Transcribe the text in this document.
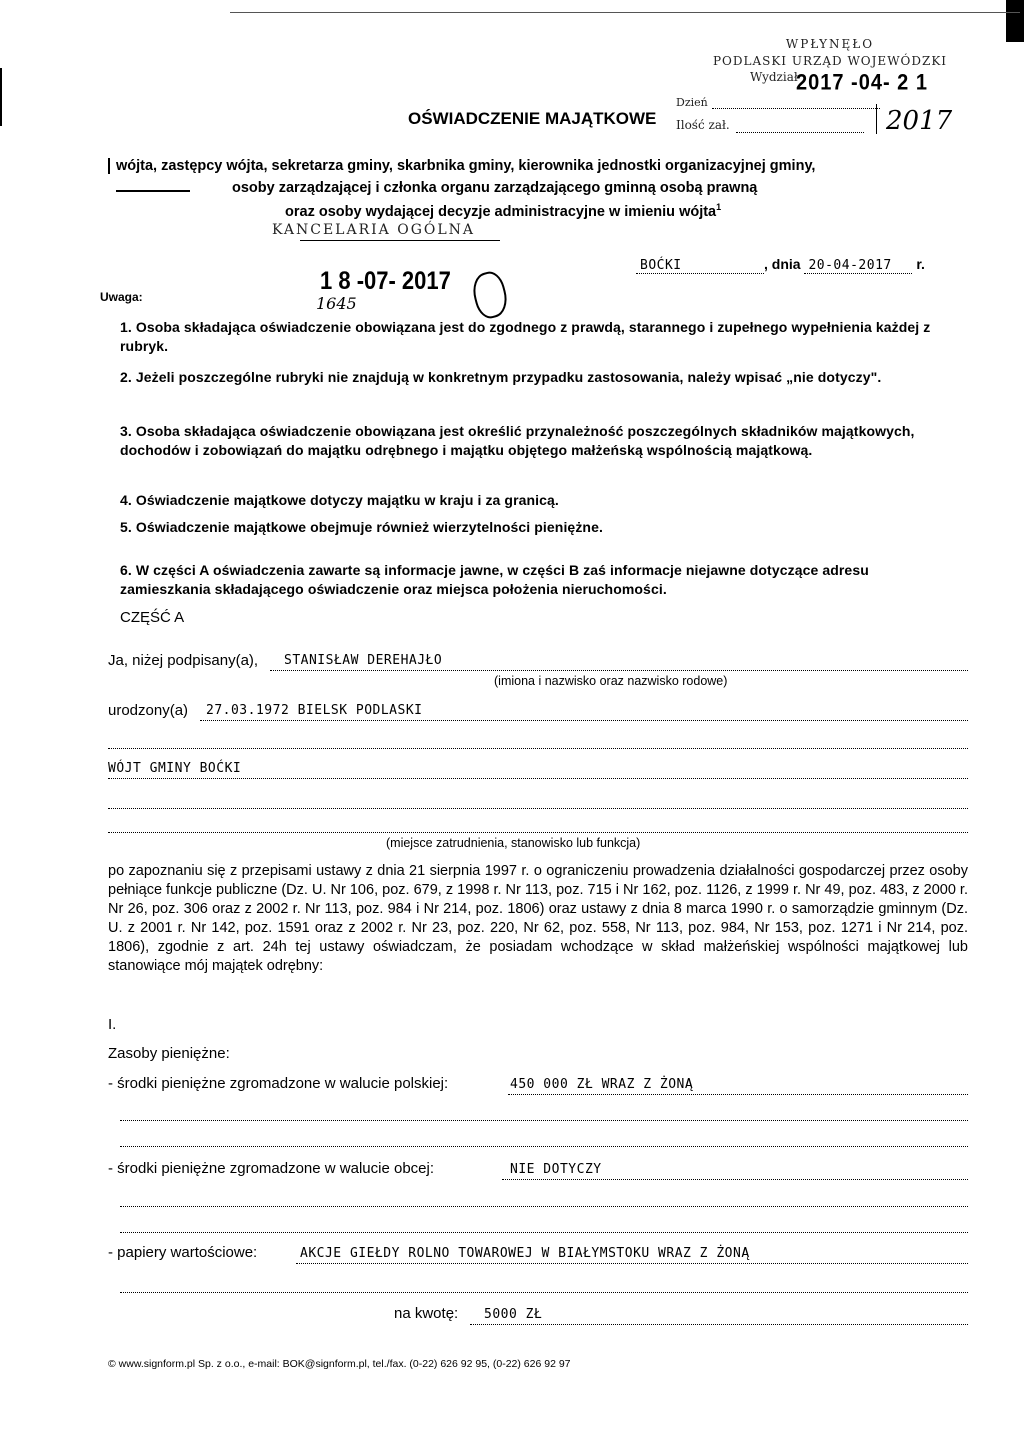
WPŁYNĘŁO
PODLASKI URZĄD WOJEWÓDZKI
Wydział
2017 -04- 2 1
Dzień
Ilość zał.	2017
OŚWIADCZENIE MAJĄTKOWE
wójta, zastępcy wójta, sekretarza gminy, skarbnika gminy, kierownika jednostki organizacyjnej gminy,
osoby zarządzającej i członka organu zarządzającego gminną osobą prawną
oraz osoby wydającej decyzje administracyjne w imieniu wójta$^1$
KANCELARIA OGÓLNA
BOĆKI	, dnia 20-04-2017 r.
1 8 -07- 2017
1645
Uwaga:
1. Osoba składająca oświadczenie obowiązana jest do zgodnego z prawdą, starannego i zupełnego wypełnienia każdej z rubryk.
2. Jeżeli poszczególne rubryki nie znajdują w konkretnym przypadku zastosowania, należy wpisać „nie dotyczy".
3. Osoba składająca oświadczenie obowiązana jest określić przynależność poszczególnych składników majątkowych, dochodów i zobowiązań do majątku odrębnego i majątku objętego małżeńską wspólnością majątkową.
4. Oświadczenie majątkowe dotyczy majątku w kraju i za granicą.
5. Oświadczenie majątkowe obejmuje również wierzytelności pieniężne.
6. W części A oświadczenia zawarte są informacje jawne, w części B zaś informacje niejawne dotyczące adresu zamieszkania składającego oświadczenie oraz miejsca położenia nieruchomości.
CZĘŚĆ A
Ja, niżej podpisany(a), STANISŁAW DEREHAJŁO
(imiona i nazwisko oraz nazwisko rodowe)
urodzony(a) 27.03.1972 BIELSK PODLASKI
WÓJT GMINY BOĆKI
(miejsce zatrudnienia, stanowisko lub funkcja)
po zapoznaniu się z przepisami ustawy z dnia 21 sierpnia 1997 r. o ograniczeniu prowadzenia działalności gospodarczej przez osoby pełniące funkcje publiczne (Dz. U. Nr 106, poz. 679, z 1998 r. Nr 113, poz. 715 i Nr 162, poz. 1126, z 1999 r. Nr 49, poz. 483, z 2000 r. Nr 26, poz. 306 oraz z 2002 r. Nr 113, poz. 984 i Nr 214, poz. 1806) oraz ustawy z dnia 8 marca 1990 r. o samorządzie gminnym (Dz. U. z 2001 r. Nr 142, poz. 1591 oraz z 2002 r. Nr 23, poz. 220, Nr 62, poz. 558, Nr 113, poz. 984, Nr 153, poz. 1271 i Nr 214, poz. 1806), zgodnie z art. 24h tej ustawy oświadczam, że posiadam wchodzące w skład małżeńskiej wspólności majątkowej lub stanowiące mój majątek odrębny:
I.
Zasoby pieniężne:
- środki pieniężne zgromadzone w walucie polskiej:	450 000 ZŁ WRAZ Z ŻONĄ
- środki pieniężne zgromadzone w walucie obcej:	NIE DOTYCZY
- papiery wartościowe:	AKCJE GIEŁDY ROLNO TOWAROWEJ W BIAŁYMSTOKU WRAZ Z ŻONĄ
na kwotę: 5000 ZŁ
© www.signform.pl Sp. z o.o., e-mail: BOK@signform.pl, tel./fax. (0-22) 626 92 95, (0-22) 626 92 97
